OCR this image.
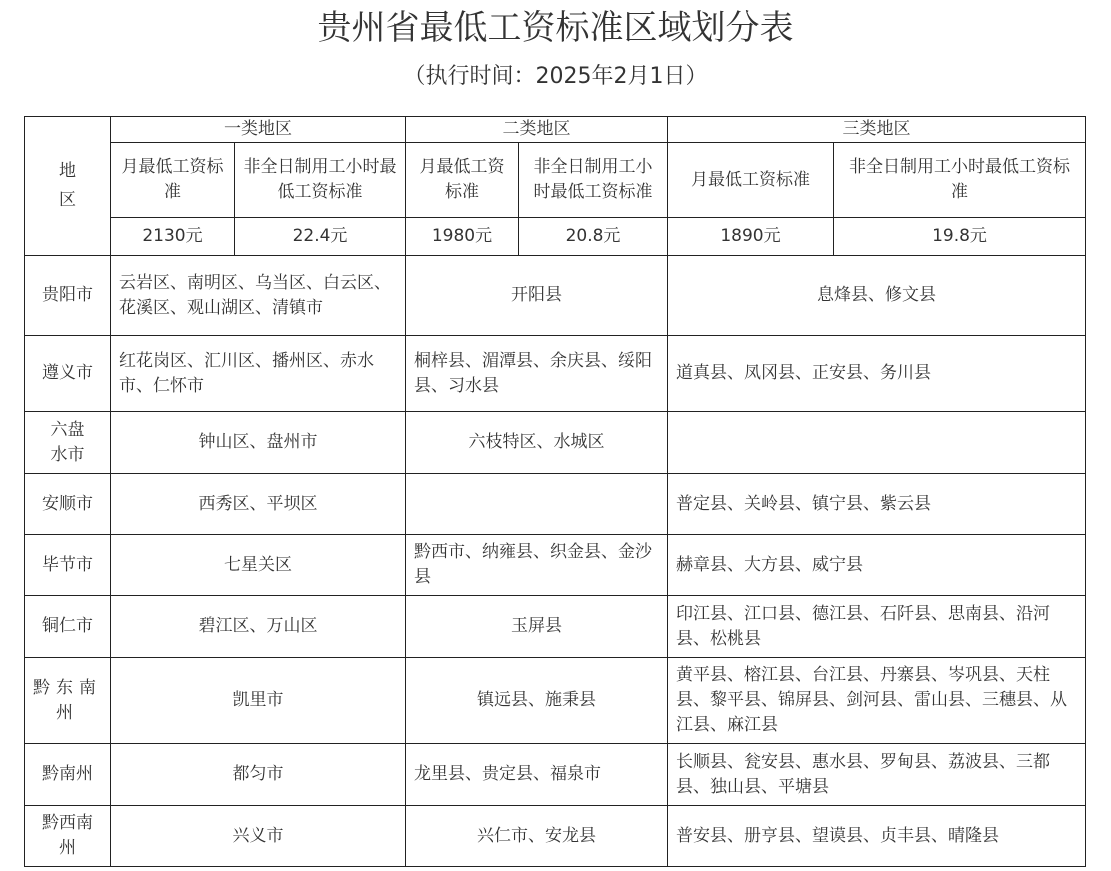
贵州省最低工资标准区域划分表
（执行时间：2025年2月1日）
地区	一类地区		二类地区		三类地区	
	月最低工资标准	非全日制用工小时最低工资标准	月最低工资标准	非全日制用工小时最低工资标准	月最低工资标准	非全日制用工小时最低工资标准
	2130元	22.4元	1980元	20.8元	1890元	19.8元
贵阳市	云岩区、南明区、乌当区、白云区、花溪区、观山湖区、清镇市		开阳县		息烽县、修文县	
遵义市	红花岗区、汇川区、播州区、赤水市、仁怀市		桐梓县、湄潭县、余庆县、绥阳县、习水县		道真县、凤冈县、正安县、务川县	
六盘水市	钟山区、盘州市		六枝特区、水城区			
安顺市	西秀区、平坝区				普定县、关岭县、镇宁县、紫云县	
毕节市	七星关区		黔西市、纳雍县、织金县、金沙县		赫章县、大方县、威宁县	
铜仁市	碧江区、万山区		玉屏县		印江县、江口县、德江县、石阡县、思南县、沿河县、松桃县	
黔东南州	凯里市		镇远县、施秉县		黄平县、榕江县、台江县、丹寨县、岑巩县、天柱县、黎平县、锦屏县、剑河县、雷山县、三穗县、从江县、麻江县	
黔南州	都匀市		龙里县、贵定县、福泉市		长顺县、瓮安县、惠水县、罗甸县、荔波县、三都县、独山县、平塘县	
黔西南州	兴义市		兴仁市、安龙县		普安县、册亨县、望谟县、贞丰县、晴隆县	
